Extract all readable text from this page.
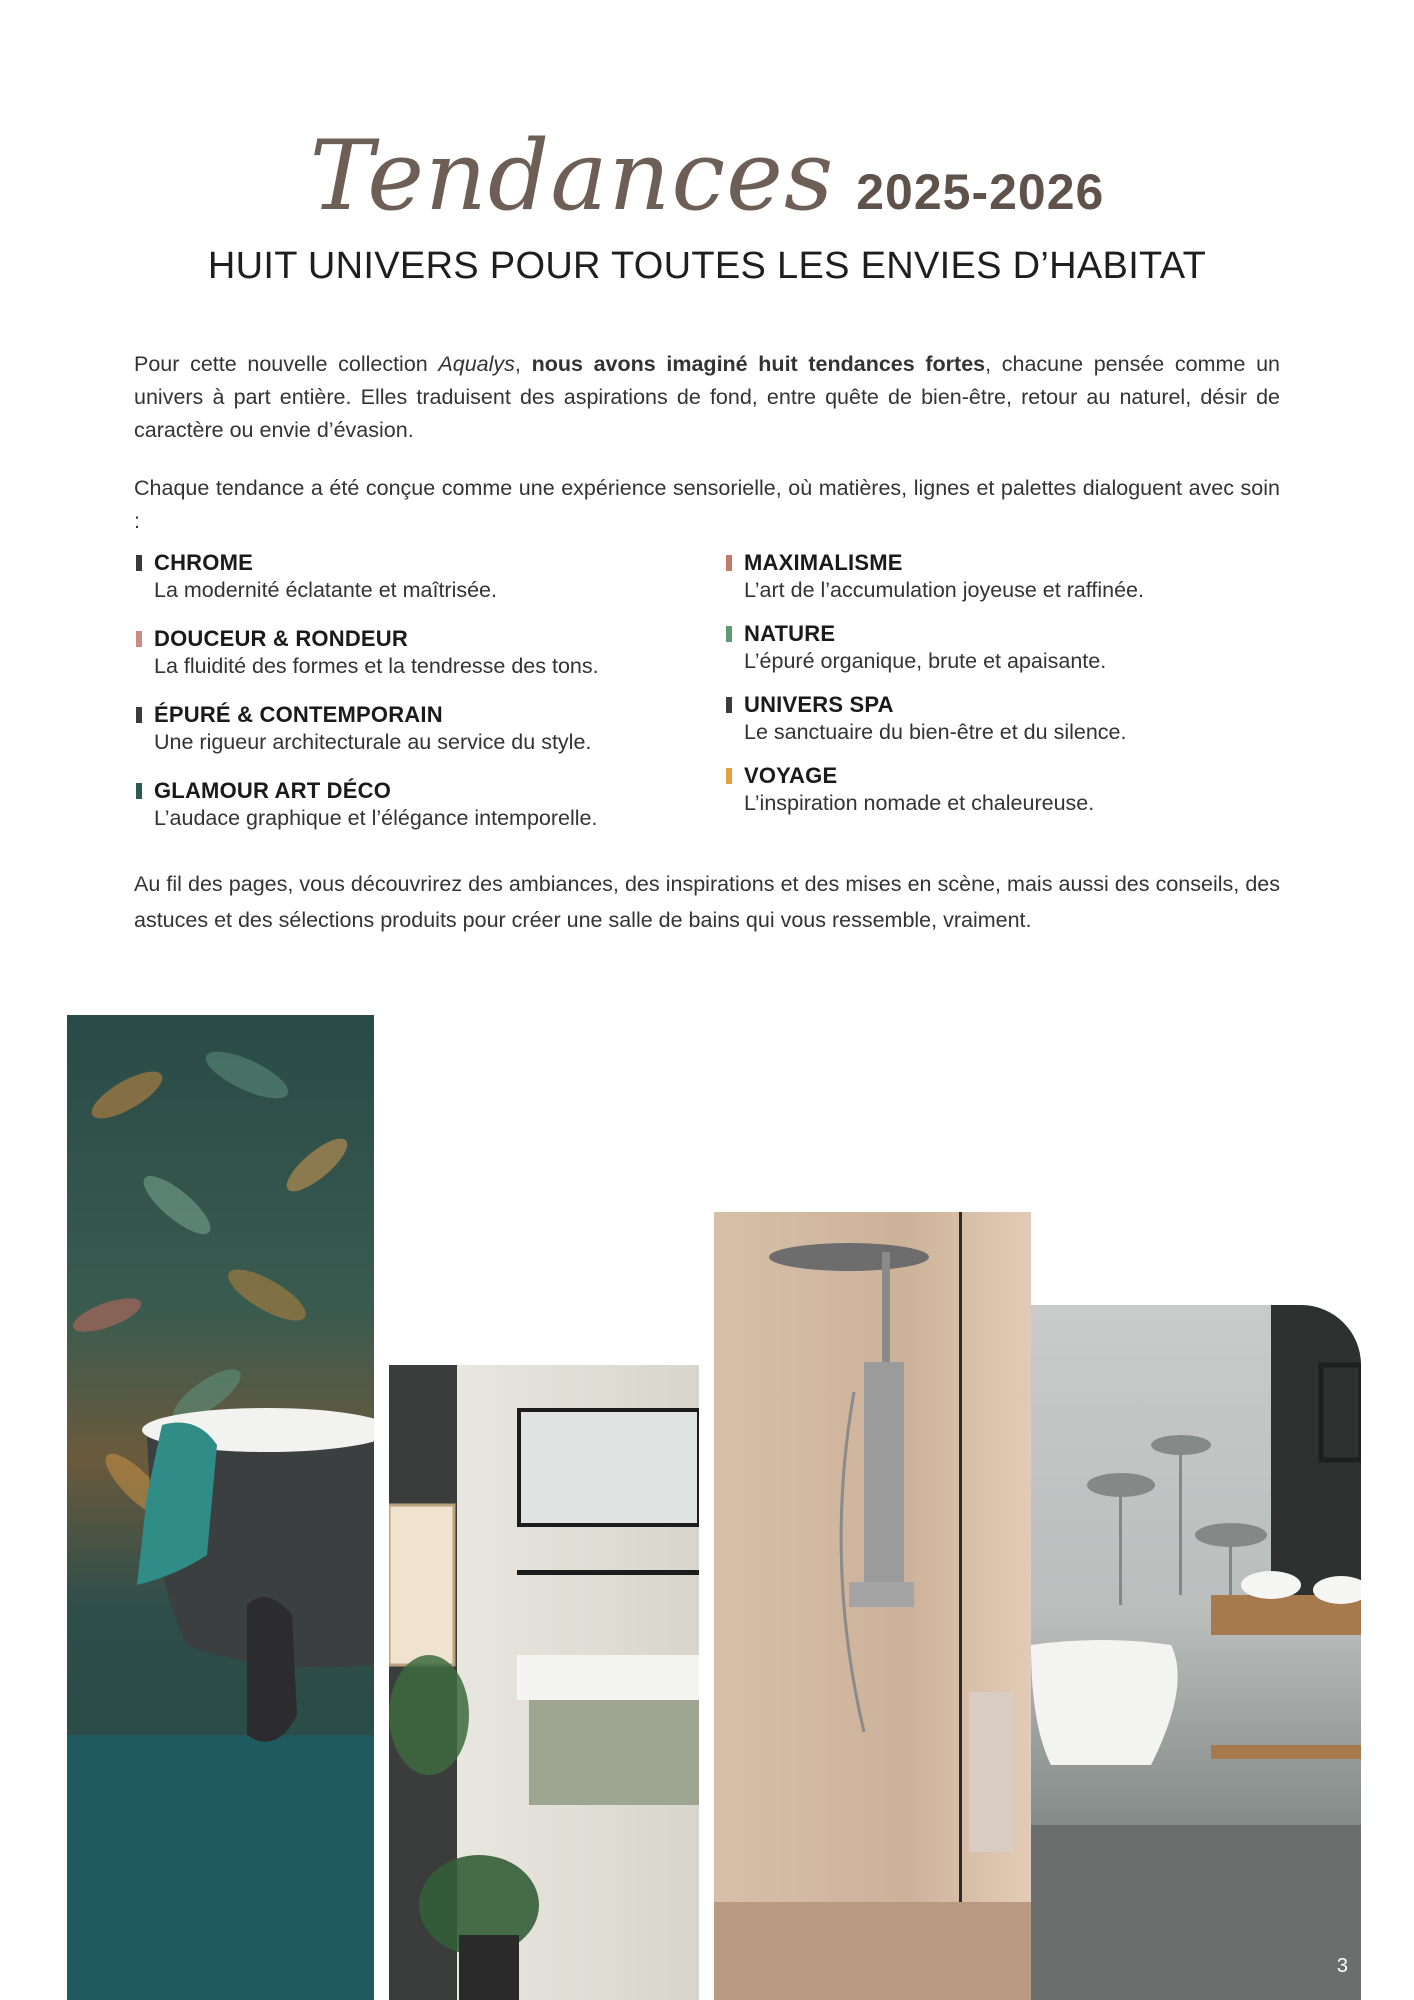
Tendances 2025-2026
HUIT UNIVERS POUR TOUTES LES ENVIES D’HABITAT
Pour cette nouvelle collection Aqualys, nous avons imaginé huit tendances fortes, chacune pensée comme un univers à part entière. Elles traduisent des aspirations de fond, entre quête de bien-être, retour au naturel, désir de caractère ou envie d’évasion.
Chaque tendance a été conçue comme une expérience sensorielle, où matières, lignes et palettes dialoguent avec soin :
CHROME
La modernité éclatante et maîtrisée.
DOUCEUR & RONDEUR
La fluidité des formes et la tendresse des tons.
ÉPURÉ & CONTEMPORAIN
Une rigueur architecturale au service du style.
GLAMOUR ART DÉCO
L’audace graphique et l’élégance intemporelle.
MAXIMALISME
L’art de l’accumulation joyeuse et raffinée.
NATURE
L’épuré organique, brute et apaisante.
UNIVERS SPA
Le sanctuaire du bien-être et du silence.
VOYAGE
L’inspiration nomade et chaleureuse.
Au fil des pages, vous découvrirez des ambiances, des inspirations et des mises en scène, mais aussi des conseils, des astuces et des sélections produits pour créer une salle de bains qui vous ressemble, vraiment.
3
